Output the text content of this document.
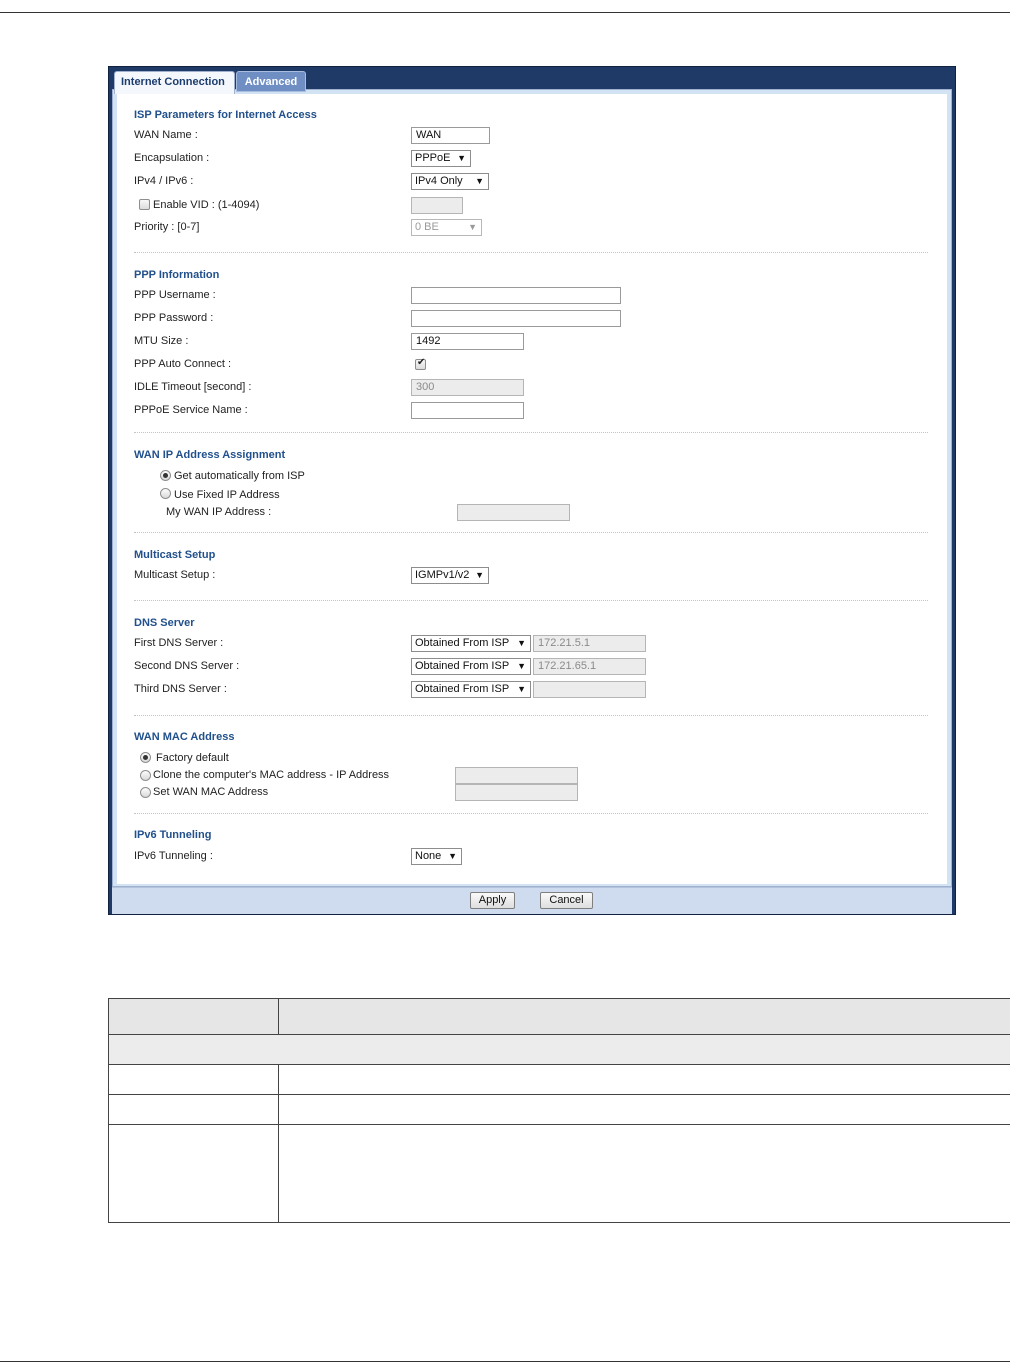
Advanced
Internet Connection
ISP Parameters for Internet Access
WAN Name :	WAN
Encapsulation :	PPPoE ▼
IPv4 / IPv6 :	IPv4 Only ▼
Enable VID : (1-4094)
Priority : [0-7]	0 BE	▼
PPP Information
PPP Username :
PPP Password :
MTU Size :	1492
PPP Auto Connect :
✔
IDLE Timeout [second] :	300
PPPoE Service Name :
WAN IP Address Assignment
Get automatically from ISP
Use Fixed IP Address
My WAN IP Address :
Multicast Setup
Multicast Setup :	IGMPv1/v2 ▼
DNS Server
First DNS Server :	Obtained From ISP ▼	172.21.5.1
Second DNS Server :	Obtained From ISP ▼	172.21.65.1
Third DNS Server :	Obtained From ISP ▼
WAN MAC Address
Factory default
Clone the computer's MAC address - IP Address
Set WAN MAC Address
IPv6 Tunneling
IPv6 Tunneling :	None ▼
Apply	Cancel
